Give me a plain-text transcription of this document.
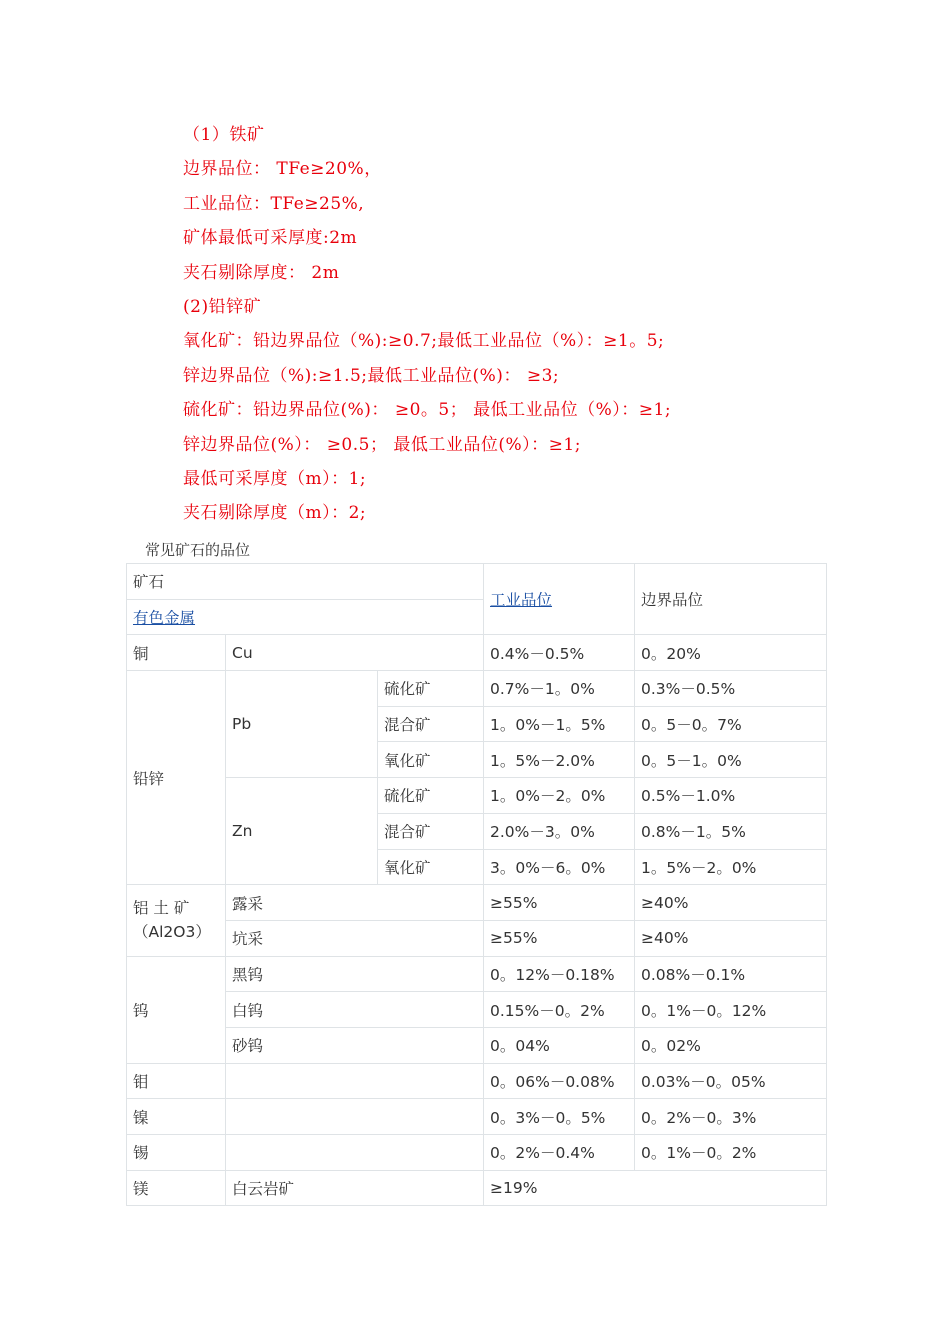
（1）铁矿
边界品位： TFe≥20%，
工业品位：TFe≥25%,
矿体最低可采厚度:2m
夹石剔除厚度： 2m
(2)铅锌矿
氧化矿：铅边界品位（%):≥0.7;最低工业品位（%）：≥1。5;
锌边界品位（%):≥1.5;最低工业品位(%)： ≥3;
硫化矿：铅边界品位(%)： ≥0。5； 最低工业品位（%）：≥1;
锌边界品位(%）： ≥0.5； 最低工业品位(%）：≥1;
最低可采厚度（m）：1;
夹石剔除厚度（m）：2;
常见矿石的品位
矿石			工业品位	边界品位
有色金属				
铜	Cu		0.4%－0.5%	0。20%
铅锌	Pb	硫化矿	0.7%－1。0%	0.3%－0.5%
		混合矿	1。0%－1。5%	0。5－0。7%
		氧化矿	1。5%－2.0%	0。5－1。0%
	Zn	硫化矿	1。0%－2。0%	0.5%－1.0%
		混合矿	2.0%－3。0%	0.8%－1。5%
		氧化矿	3。0%－6。0%	1。5%－2。0%

铝 土 矿
（Al2O3）	露采		≥55%	≥40%
	坑采		≥55%	≥40%
钨	黑钨		0。12%－0.18%	0.08%－0.1%
	白钨		0.15%－0。2%	0。1%－0。12%
	砂钨		0。04%	0。02%
钼			0。06%－0.08%	0.03%－0。05%
镍			0。3%－0。5%	0。2%－0。3%
锡			0。2%－0.4%	0。1%－0。2%
镁	白云岩矿		≥19%	
